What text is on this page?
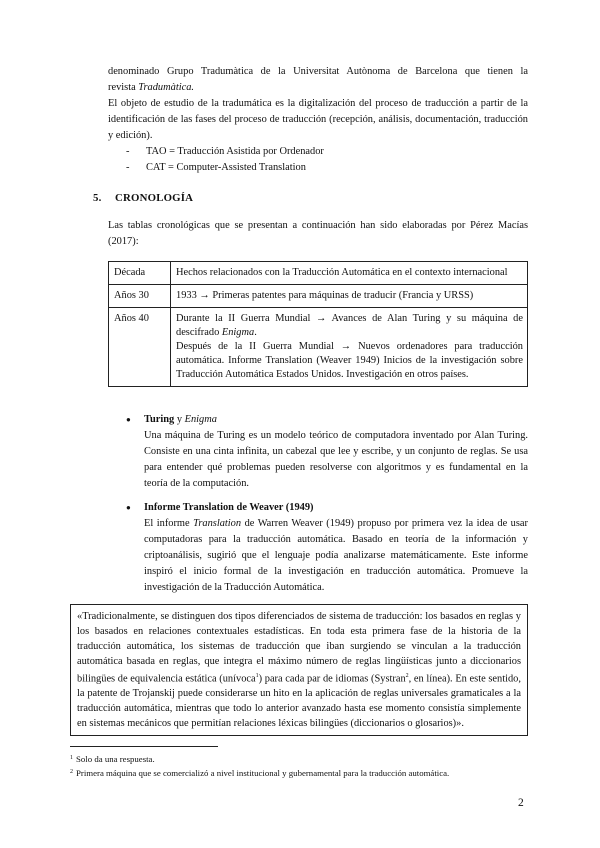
denominado Grupo Tradumàtica de la Universitat Autònoma de Barcelona que tienen la
revista Tradumàtica.
El objeto de estudio de la tradumática es la digitalización del proceso de traducción a partir de la identificación de las fases del proceso de traducción (recepción, análisis, documentación, traducción y edición).
- TAO = Traducción Asistida por Ordenador
- CAT = Computer-Assisted Translation
5. CRONOLOGÍA

Las tablas cronológicas que se presentan a continuación han sido elaboradas por Pérez Macías (2017):

Década	Hechos relacionados con la Traducción Automática en el contexto internacional
Años 30	1933 → Primeras patentes para máquinas de traducir (Francia y URSS)
Años 40	Durante la II Guerra Mundial → Avances de Alan Turing y su máquina de descifrado Enigma.
Después de la II Guerra Mundial → Nuevos ordenadores para traducción automática. Informe Translation (Weaver 1949) Inicios de la investigación sobre Traducción Automática Estados Unidos. Investigación en otros países.
● Turing y Enigma
Una máquina de Turing es un modelo teórico de computadora inventado por Alan Turing. Consiste en una cinta infinita, un cabezal que lee y escribe, y un conjunto de reglas. Se usa para entender qué problemas pueden resolverse con algoritmos y es fundamental en la teoría de la computación.
● Informe Translation de Weaver (1949)
El informe Translation de Warren Weaver (1949) propuso por primera vez la idea de usar computadoras para la traducción automática. Basado en teoría de la información y criptoanálisis, sugirió que el lenguaje podía analizarse matemáticamente. Este informe inspiró el inicio formal de la investigación en traducción automática. Promueve la investigación de la Traducción Automática.
«Tradicionalmente, se distinguen dos tipos diferenciados de sistema de traducción: los basados en reglas y los basados en relaciones contextuales estadísticas. En toda esta primera fase de la historia de la traducción automática, los sistemas de traducción que iban surgiendo se vinculan a la traducción automática basada en reglas, que integra el máximo número de reglas lingüísticas junto a diccionarios bilingües de equivalencia estática (unívoca$^1$) para cada par de idiomas (Systran$^2$, en línea). En este sentido, la patente de Trojanskij puede considerarse un hito en la aplicación de reglas universales gramaticales a la traducción automática, mientras que todo lo anterior avanzado hasta ese momento consistía simplemente en sistemas mecánicos que permitían relaciones léxicas bilingües (diccionarios o glosarios)».
$^1$ Solo da una respuesta.
$^2$ Primera máquina que se comercializó a nivel institucional y gubernamental para la traducción automática.
2
